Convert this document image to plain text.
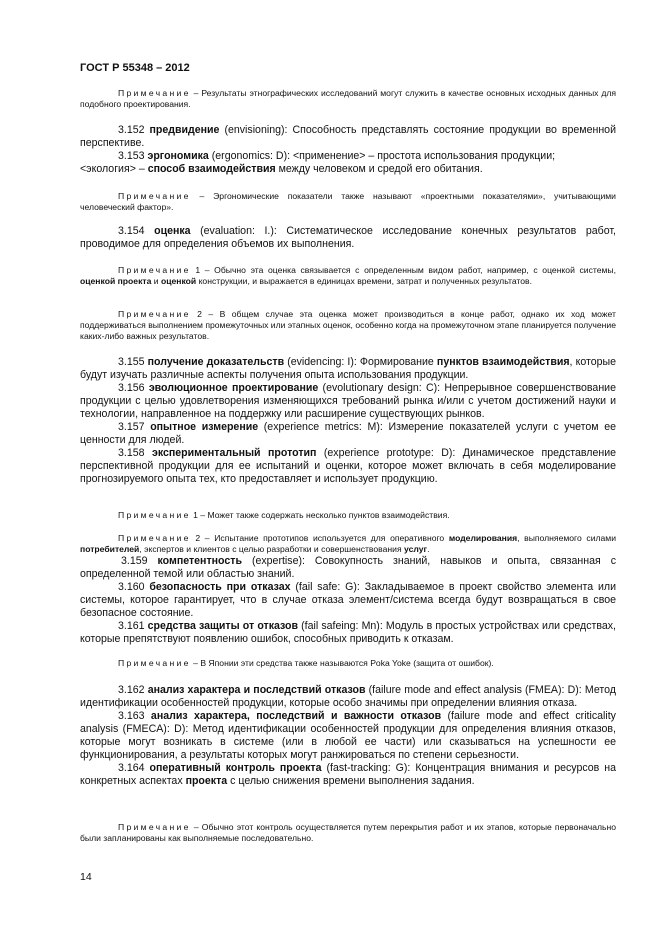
ГОСТ Р 55348 – 2012
Примечание – Результаты этнографических исследований могут служить в качестве основных исходных данных для подобного проектирования.
3.152 предвидение (envisioning): Способность представлять состояние продукции во временной перспективе.
3.153 эргономика (ergonomics: D): <применение> – простота использования продукции;
<экология> – способ взаимодействия между человеком и средой его обитания.
Примечание – Эргономические показатели также называют «проектными показателями», учитывающими человеческий фактор».
3.154 оценка (evaluation: I.): Систематическое исследование конечных результатов работ, проводимое для определения объемов их выполнения.
Примечание 1 – Обычно эта оценка связывается с определенным видом работ, например, с оценкой системы, оценкой проекта и оценкой конструкции, и выражается в единицах времени, затрат и полученных результатов.
Примечание 2 – В общем случае эта оценка может производиться в конце работ, однако их ход может поддерживаться выполнением промежуточных или этапных оценок, особенно когда на промежуточном этапе планируется получение каких-либо важных результатов.
3.155 получение доказательств (evidencing: I): Формирование пунктов взаимодействия, которые будут изучать различные аспекты получения опыта использования продукции.
3.156 эволюционное проектирование (evolutionary design: C): Непрерывное совершенствование продукции с целью удовлетворения изменяющихся требований рынка и/или с учетом достижений науки и технологии, направленное на поддержку или расширение существующих рынков.
3.157 опытное измерение (experience metrics: M): Измерение показателей услуги с учетом ее ценности для людей.
3.158 экспериментальный прототип (experience prototype: D): Динамическое представление перспективной продукции для ее испытаний и оценки, которое может включать в себя моделирование прогнозируемого опыта тех, кто предоставляет и использует продукцию.
Примечание 1 – Может также содержать несколько пунктов взаимодействия.
Примечание 2 – Испытание прототипов используется для оперативного моделирования, выполняемого силами потребителей, экспертов и клиентов с целью разработки и совершенствования услуг.
3.159 компетентность (expertise): Совокупность знаний, навыков и опыта, связанная с определенной темой или областью знаний.
3.160 безопасность при отказах (fail safe: G): Закладываемое в проект свойство элемента или системы, которое гарантирует, что в случае отказа элемент/система всегда будут возвращаться в свое безопасное состояние.
3.161 средства защиты от отказов (fail safeing: Mn): Модуль в простых устройствах или средствах, которые препятствуют появлению ошибок, способных приводить к отказам.
Примечание – В Японии эти средства также называются Poka Yoke (защита от ошибок).
3.162 анализ характера и последствий отказов (failure mode and effect analysis (FMEA): D): Метод идентификации особенностей продукции, которые особо значимы при определении влияния отказа.
3.163 анализ характера, последствий и важности отказов (failure mode and effect criticality analysis (FMECA): D): Метод идентификации особенностей продукции для определения влияния отказов, которые могут возникать в системе (или в любой ее части) или сказываться на успешности ее функционирования, а результаты которых могут ранжироваться по степени серьезности.
3.164 оперативный контроль проекта (fast-tracking: G): Концентрация внимания и ресурсов на конкретных аспектах проекта с целью снижения времени выполнения задания.
Примечание – Обычно этот контроль осуществляется путем перекрытия работ и их этапов, которые первоначально были запланированы как выполняемые последовательно.
14
